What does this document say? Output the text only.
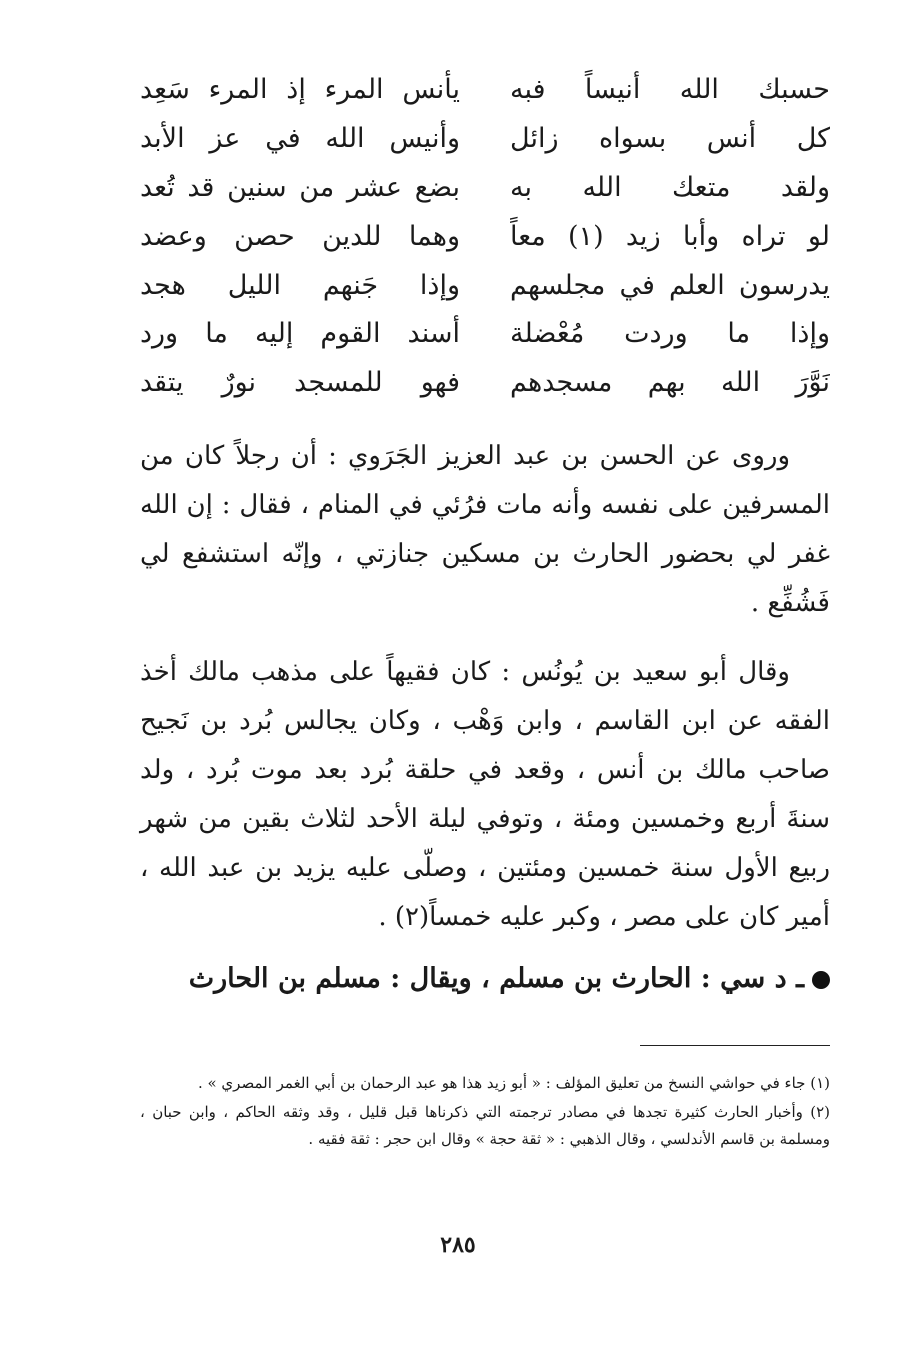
حسبك الله أنيساً فبه
يأنس المرء إذ المرء سَعِد
كل أنس بسواه زائل
وأنيس الله في عز الأبد
ولقد متعك الله به
بضع عشر من سنين قد تُعد
لو تراه وأبا زيد (١) معاً
وهما للدين حصن وعضد
يدرسون العلم في مجلسهم
وإذا جَنهم الليل هجد
وإذا ما وردت مُعْضلة
أسند القوم إليه ما ورد
نَوَّرَ الله بهم مسجدهم
فهو للمسجد نورٌ يتقد

وروى عن الحسن بن عبد العزيز الجَرَوي : أن رجلاً كان من المسرفين على نفسه وأنه مات فرُئي في المنام ، فقال : إن الله غفر لي بحضور الحارث بن مسكين جنازتي ، وإنّه استشفع لي فَشُفِّع .

وقال أبو سعيد بن يُونُس : كان فقيهاً على مذهب مالك أخذ الفقه عن ابن القاسم ، وابن وَهْب ، وكان يجالس بُرد بن نَجيح صاحب مالك بن أنس ، وقعد في حلقة بُرد بعد موت بُرد ، ولد سنةَ أربع وخمسين ومئة ، وتوفي ليلة الأحد لثلاث بقين من شهر ربيع الأول سنة خمسين ومئتين ، وصلّى عليه يزيد بن عبد الله ، أمير كان على مصر ، وكبر عليه خمساً(٢) .

ـ د سي : الحارث بن مسلم ، ويقال : مسلم بن الحارث

(١) جاء في حواشي النسخ من تعليق المؤلف : « أبو زيد هذا هو عبد الرحمان بن أبي الغمر المصري » .

(٢) وأخبار الحارث كثيرة تجدها في مصادر ترجمته التي ذكرناها قبل قليل ، وقد وثقه الحاكم ، وابن حبان ، ومسلمة بن قاسم الأندلسي ، وقال الذهبي : « ثقة حجة » وقال ابن حجر : ثقة فقيه .

٢٨٥
